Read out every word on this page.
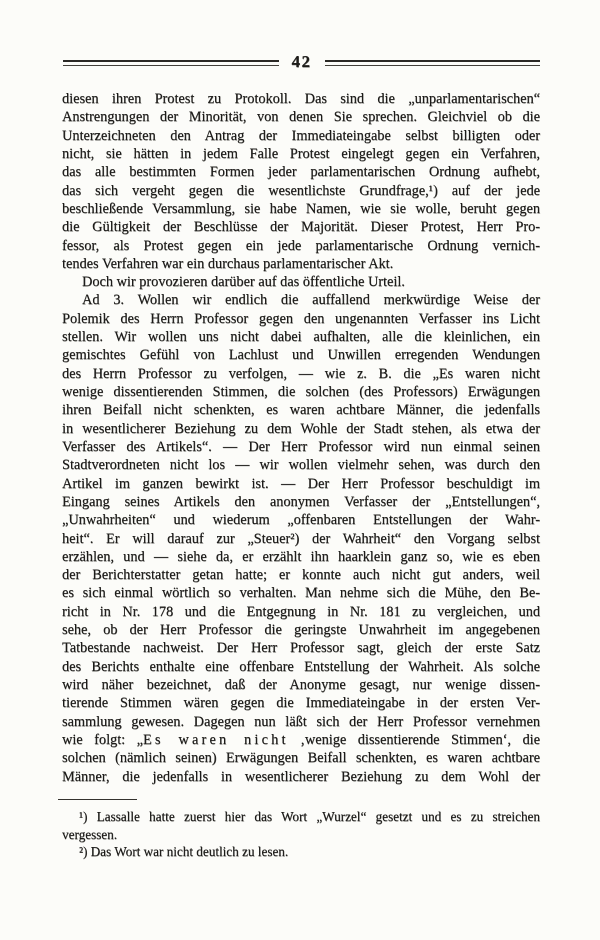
42
diesen ihren Protest zu Protokoll. Das sind die „unparlamentarischen“
Anstrengungen der Minorität, von denen Sie sprechen. Gleichviel ob die
Unterzeichneten den Antrag der Immediateingabe selbst billigten oder
nicht, sie hätten in jedem Falle Protest eingelegt gegen ein Verfahren,
das alle bestimmten Formen jeder parlamentarischen Ordnung aufhebt,
das sich vergeht gegen die wesentlichste Grundfrage,¹) auf der jede
beschließende Versammlung, sie habe Namen, wie sie wolle, beruht gegen
die Gültigkeit der Beschlüsse der Majorität. Dieser Protest, Herr Pro-
fessor, als Protest gegen ein jede parlamentarische Ordnung vernich-
tendes Verfahren war ein durchaus parlamentarischer Akt.
Doch wir provozieren darüber auf das öffentliche Urteil.
Ad 3. Wollen wir endlich die auffallend merkwürdige Weise der
Polemik des Herrn Professor gegen den ungenannten Verfasser ins Licht
stellen. Wir wollen uns nicht dabei aufhalten, alle die kleinlichen, ein
gemischtes Gefühl von Lachlust und Unwillen erregenden Wendungen
des Herrn Professor zu verfolgen, — wie z. B. die „Es waren nicht
wenige dissentierenden Stimmen, die solchen (des Professors) Erwägungen
ihren Beifall nicht schenkten, es waren achtbare Männer, die jedenfalls
in wesentlicherer Beziehung zu dem Wohle der Stadt stehen, als etwa der
Verfasser des Artikels“. — Der Herr Professor wird nun einmal seinen
Stadtverordneten nicht los — wir wollen vielmehr sehen, was durch den
Artikel im ganzen bewirkt ist. — Der Herr Professor beschuldigt im
Eingang seines Artikels den anonymen Verfasser der „Entstellungen“,
„Unwahrheiten“ und wiederum „offenbaren Entstellungen der Wahr-
heit“. Er will darauf zur „Steuer²) der Wahrheit“ den Vorgang selbst
erzählen, und — siehe da, er erzählt ihn haarklein ganz so, wie es eben
der Berichterstatter getan hatte; er konnte auch nicht gut anders, weil
es sich einmal wörtlich so verhalten. Man nehme sich die Mühe, den Be-
richt in Nr. 178 und die Entgegnung in Nr. 181 zu vergleichen, und
sehe, ob der Herr Professor die geringste Unwahrheit im angegebenen
Tatbestande nachweist. Der Herr Professor sagt, gleich der erste Satz
des Berichts enthalte eine offenbare Entstellung der Wahrheit. Als solche
wird näher bezeichnet, daß der Anonyme gesagt, nur wenige dissen-
tierende Stimmen wären gegen die Immediateingabe in der ersten Ver-
sammlung gewesen. Dagegen nun läßt sich der Herr Professor vernehmen
wie folgt: „Es waren nicht ‚wenige dissentierende Stimmen‘, die
solchen (nämlich seinen) Erwägungen Beifall schenkten, es waren achtbare
Männer, die jedenfalls in wesentlicherer Beziehung zu dem Wohl der
¹) Lassalle hatte zuerst hier das Wort „Wurzel“ gesetzt und es zu streichen
vergessen.
²) Das Wort war nicht deutlich zu lesen.
